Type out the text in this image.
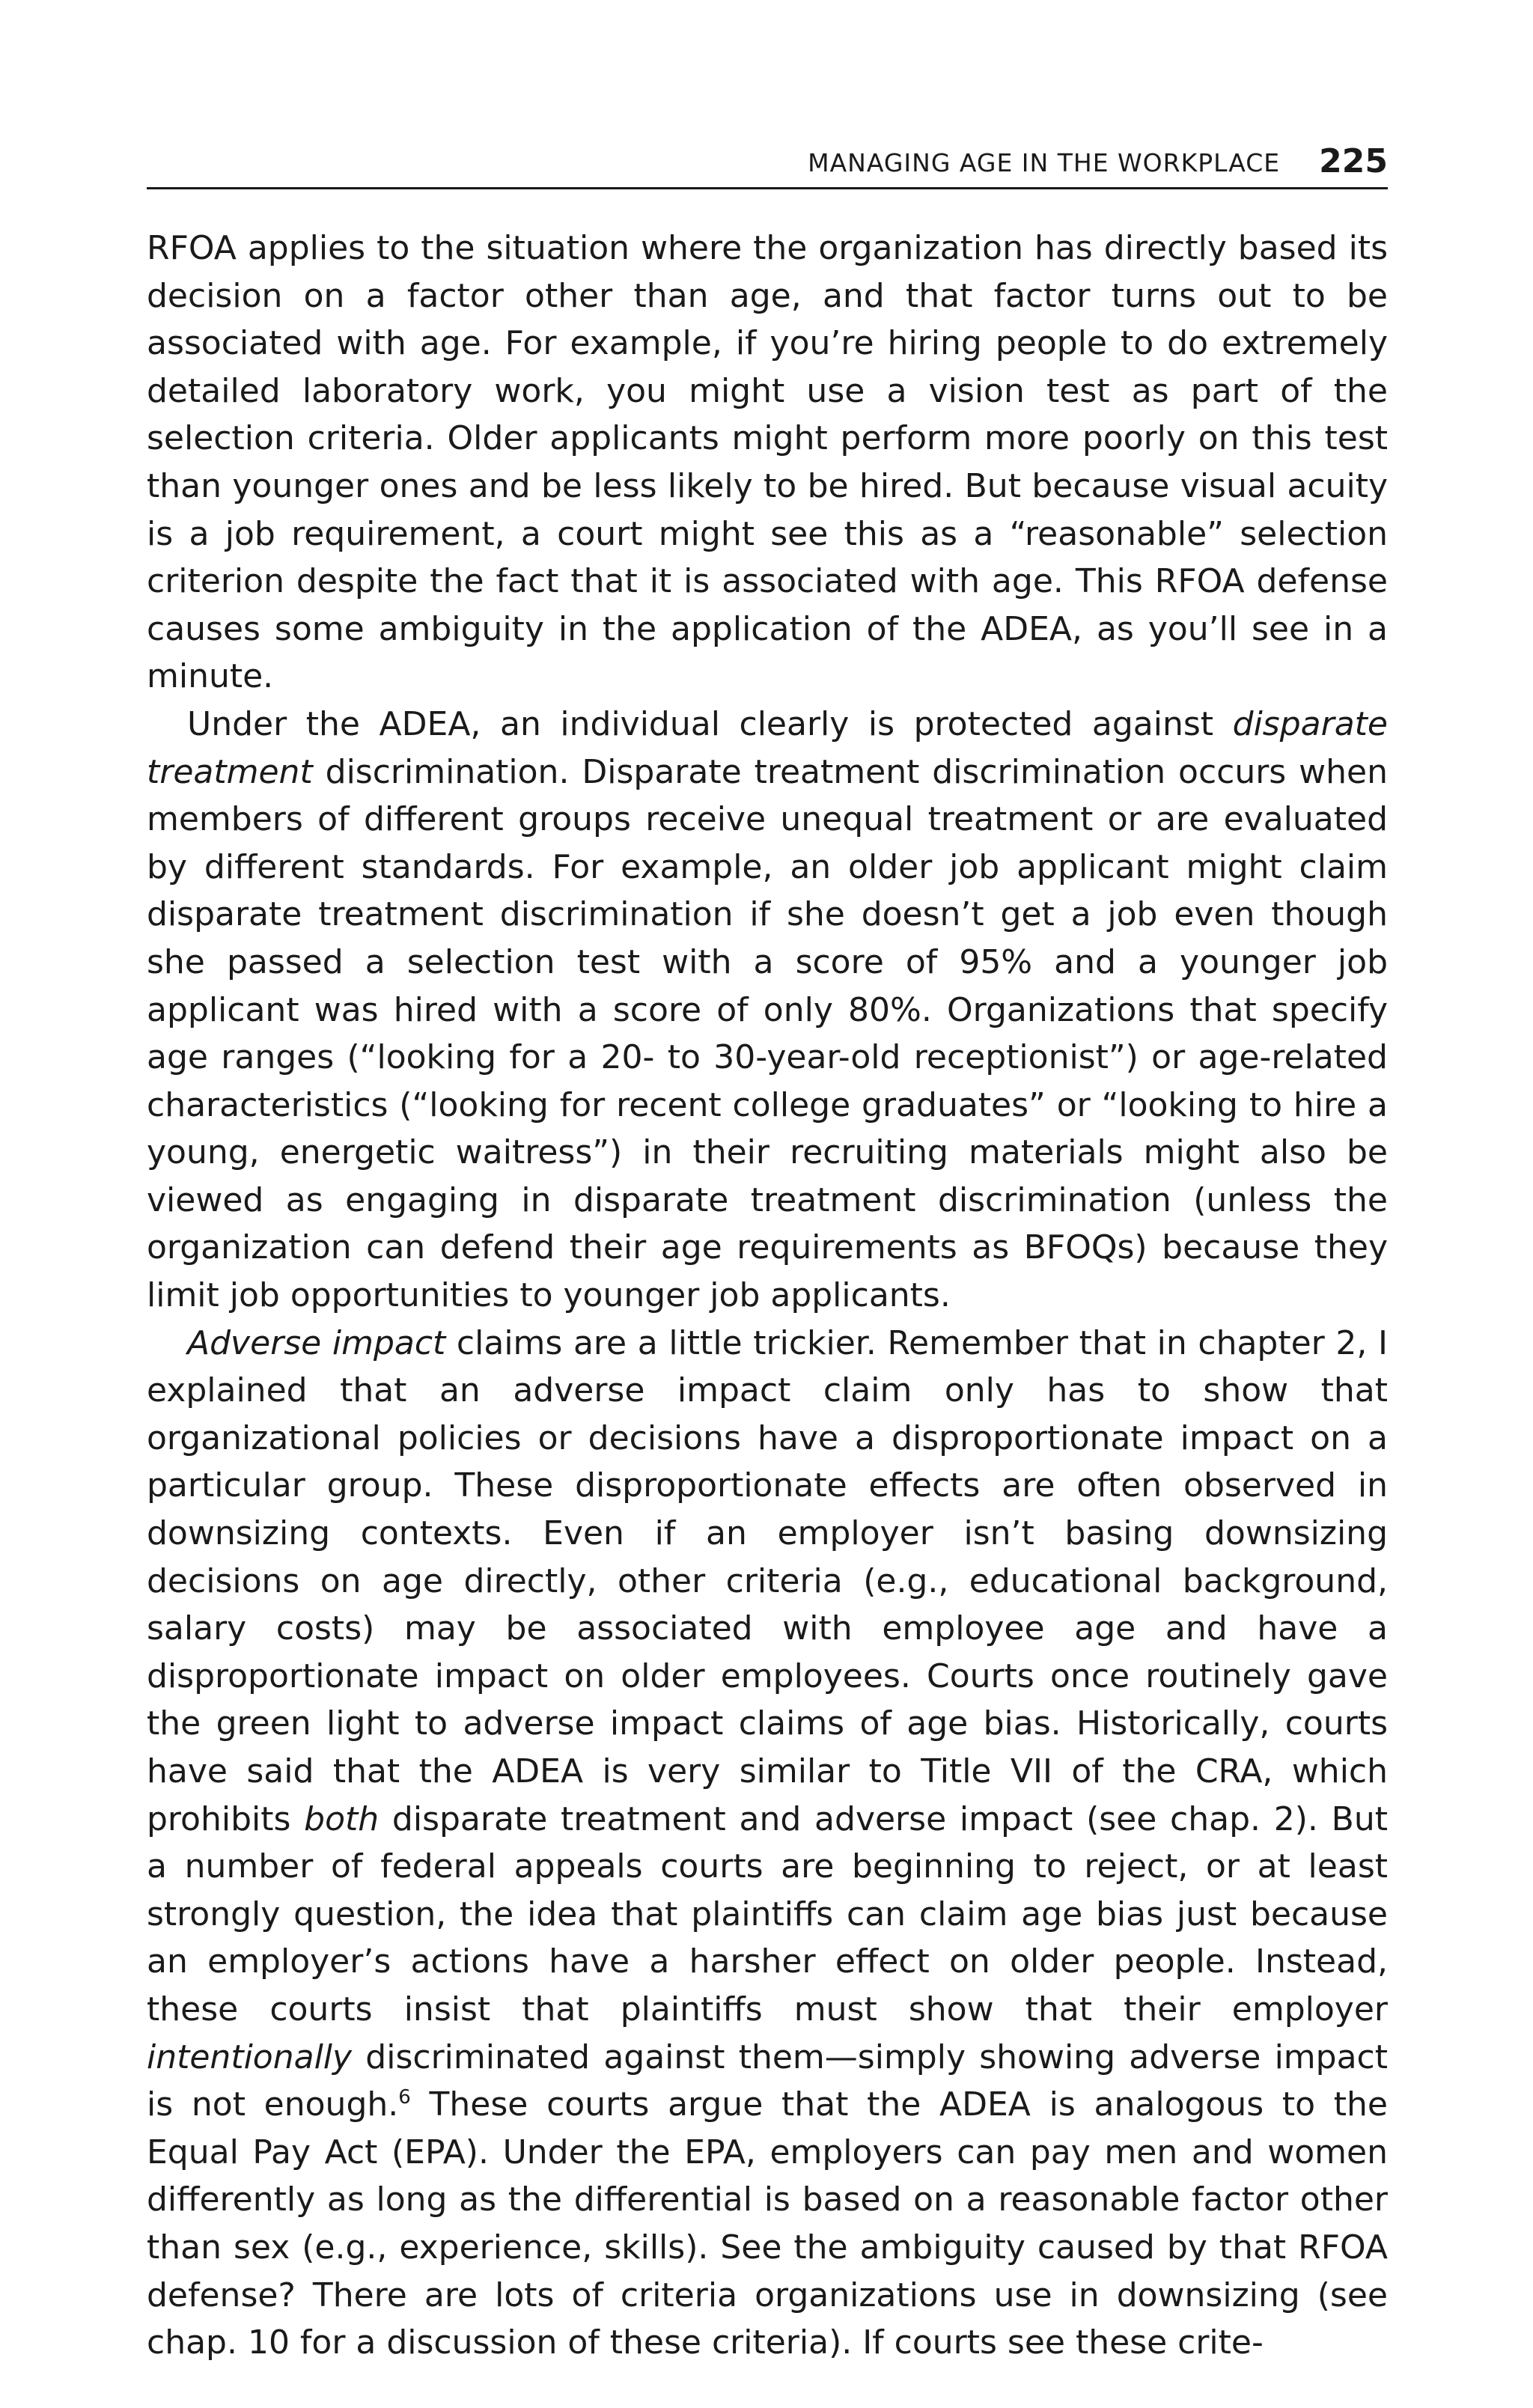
MANAGING AGE IN THE WORKPLACE 225

RFOA applies to the situation where the organization has directly based its decision on a factor other than age, and that factor turns out to be associated with age. For example, if you’re hiring people to do extremely detailed laboratory work, you might use a vision test as part of the selection criteria. Older applicants might perform more poorly on this test than younger ones and be less likely to be hired. But because visual acuity is a job requirement, a court might see this as a “reasonable” selection criterion despite the fact that it is associated with age. This RFOA defense causes some ambiguity in the application of the ADEA, as you’ll see in a minute.

Under the ADEA, an individual clearly is protected against disparate treatment discrimination. Disparate treatment discrimination occurs when members of different groups receive unequal treatment or are evaluated by different standards. For example, an older job applicant might claim disparate treatment discrimination if she doesn’t get a job even though she passed a selection test with a score of 95% and a younger job applicant was hired with a score of only 80%. Organizations that specify age ranges (“looking for a 20- to 30-year-old receptionist”) or age-related characteristics (“looking for recent college graduates” or “looking to hire a young, energetic waitress”) in their recruiting materials might also be viewed as engaging in disparate treatment discrimination (unless the organization can defend their age requirements as BFOQs) because they limit job opportunities to younger job applicants.

Adverse impact claims are a little trickier. Remember that in chapter 2, I explained that an adverse impact claim only has to show that organizational policies or decisions have a disproportionate impact on a particular group. These disproportionate effects are often observed in downsizing contexts. Even if an employer isn’t basing downsizing decisions on age directly, other criteria (e.g., educational background, salary costs) may be associated with employee age and have a disproportionate impact on older employees. Courts once routinely gave the green light to adverse impact claims of age bias. Historically, courts have said that the ADEA is very similar to Title VII of the CRA, which prohibits both disparate treatment and adverse impact (see chap. 2). But a number of federal appeals courts are beginning to reject, or at least strongly question, the idea that plaintiffs can claim age bias just because an employer’s actions have a harsher effect on older people. Instead, these courts insist that plaintiffs must show that their employer intentionally discriminated against them—simply showing adverse impact is not enough.$^6$ These courts argue that the ADEA is analogous to the Equal Pay Act (EPA). Under the EPA, employers can pay men and women differently as long as the differential is based on a reasonable factor other than sex (e.g., experience, skills). See the ambiguity caused by that RFOA defense? There are lots of criteria organizations use in downsizing (see chap. 10 for a discussion of these criteria). If courts see these crite-
